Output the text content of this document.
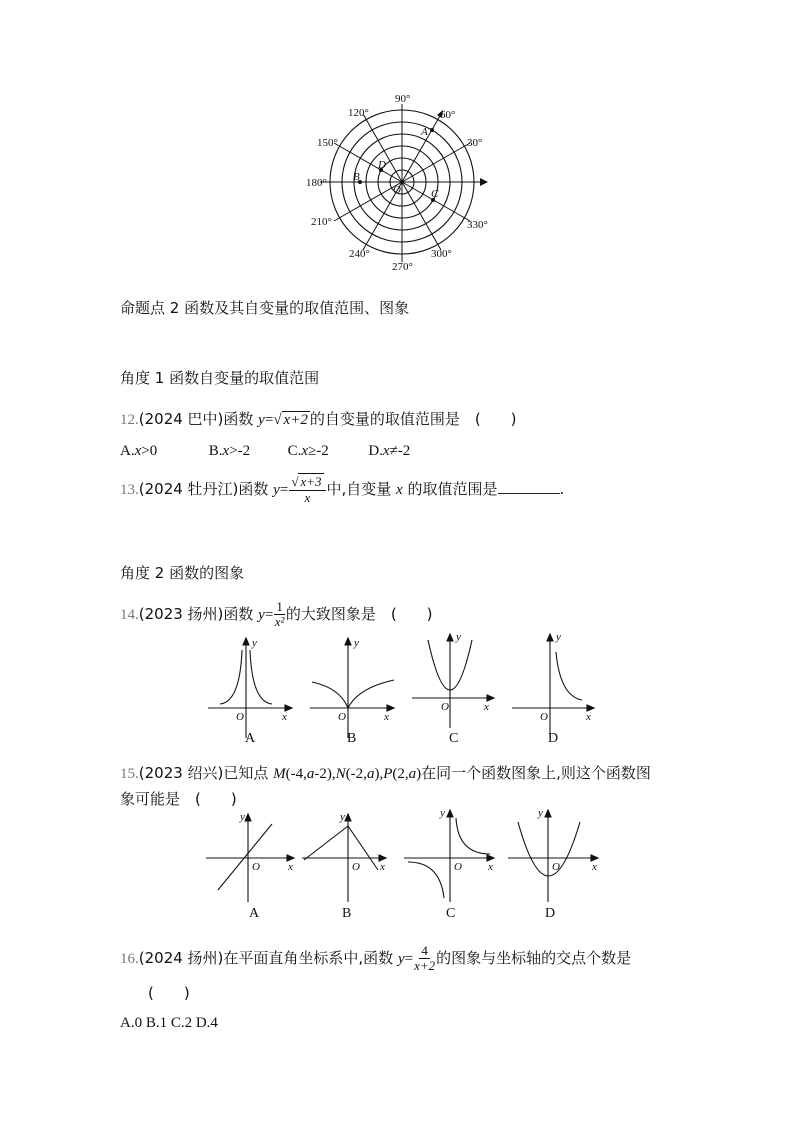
90°
60°
30°
180°
330°
300°
270°
240°
210°
150°
120°
A
B
C
D
O
命题点 2 函数及其自变量的取值范围、图象
角度 1 函数自变量的取值范围
12.(2024 巴中)函数 y=√ x+2 的自变量的取值范围是　(　　)
A.x>0	B.x>-2	C.x≥-2	D.x≠-2
13.(2024 牡丹江)函数 $y= \frac{√ x+3}{x}$ 中,自变量 x 的取值范围是	.
角度 2 函数的图象
14.(2023 扬州)函数 $y= \frac{1}{\text{x²}}$ 的大致图象是　(　　)
y
x
O
y
x
O
y
x
O
y
x
O
A	B	C	D
15.(2023 绍兴)已知点 M(-4,a-2),N(-2,a),P(2,a)在同一个函数图象上,则这个函数图
象可能是　(　　)
y
x
O
y
x
O
y
x
O
y
x
O
A	B	C	D
16.(2024 扬州)在平面直角坐标系中,函数 $y= \frac{4}{x+2}$ 的图象与坐标轴的交点个数是
(　　)
A.0 B.1 C.2 D.4
